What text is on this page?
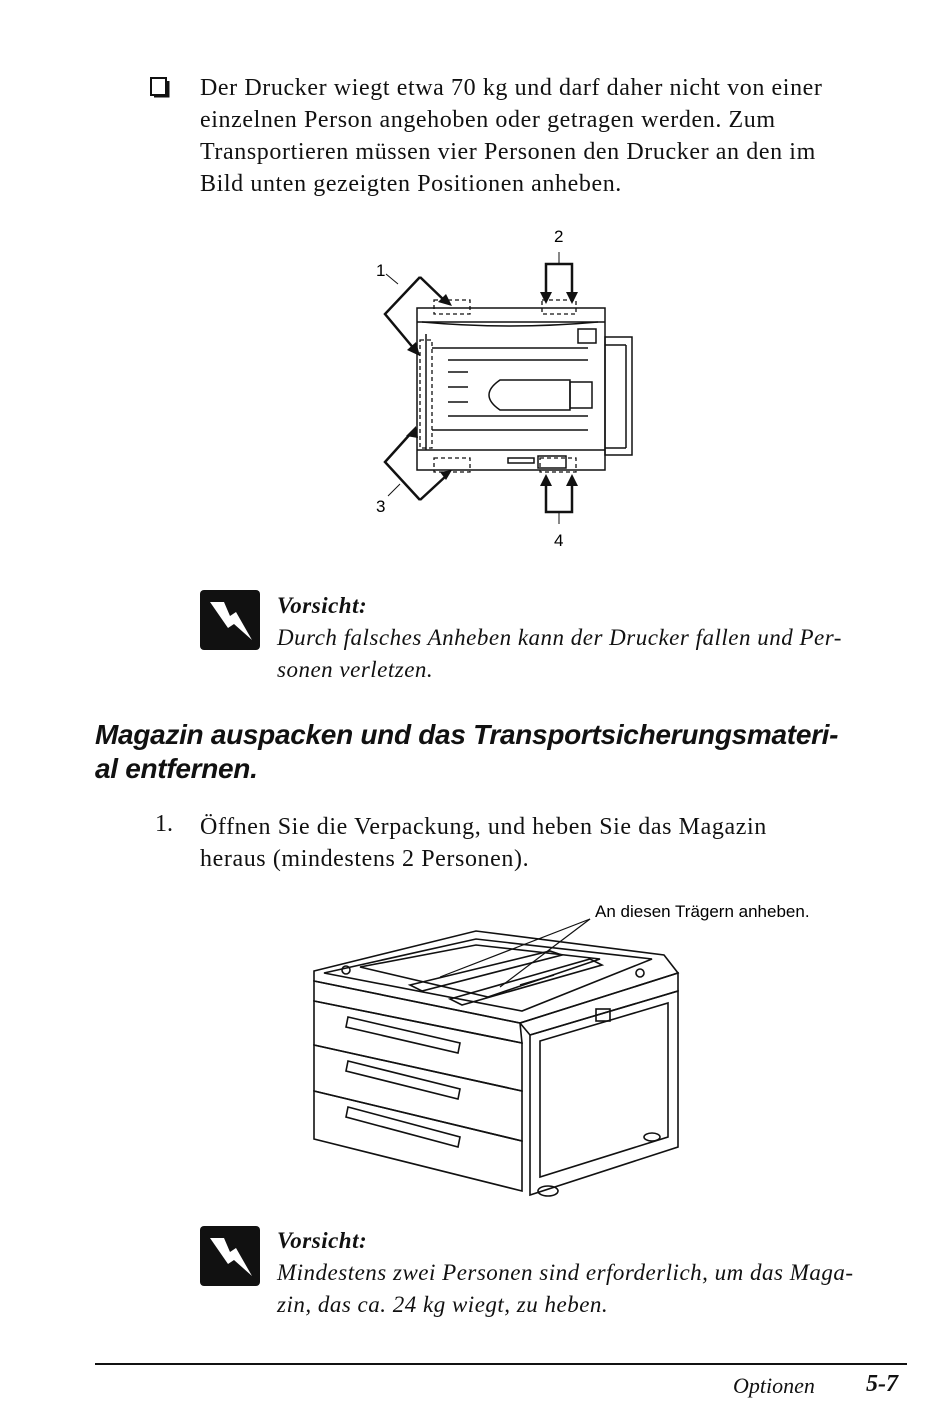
Der Drucker wiegt etwa 70 kg und darf daher nicht von einer
einzelnen Person angehoben oder getragen werden. Zum
Transportieren müssen vier Personen den Drucker an den im
Bild unten gezeigten Positionen anheben.
1
2
3
4
Vorsicht:
Durch falsches Anheben kann der Drucker fallen und Per-
sonen verletzen.
Magazin auspacken und das Transportsicherungsmateri-
al entfernen.
1. Öffnen Sie die Verpackung, und heben Sie das Magazin
heraus (mindestens 2 Personen).
An diesen Trägern anheben.
Vorsicht:
Mindestens zwei Personen sind erforderlich, um das Maga-
zin, das ca. 24 kg wiegt, zu heben.
Optionen 5-7
